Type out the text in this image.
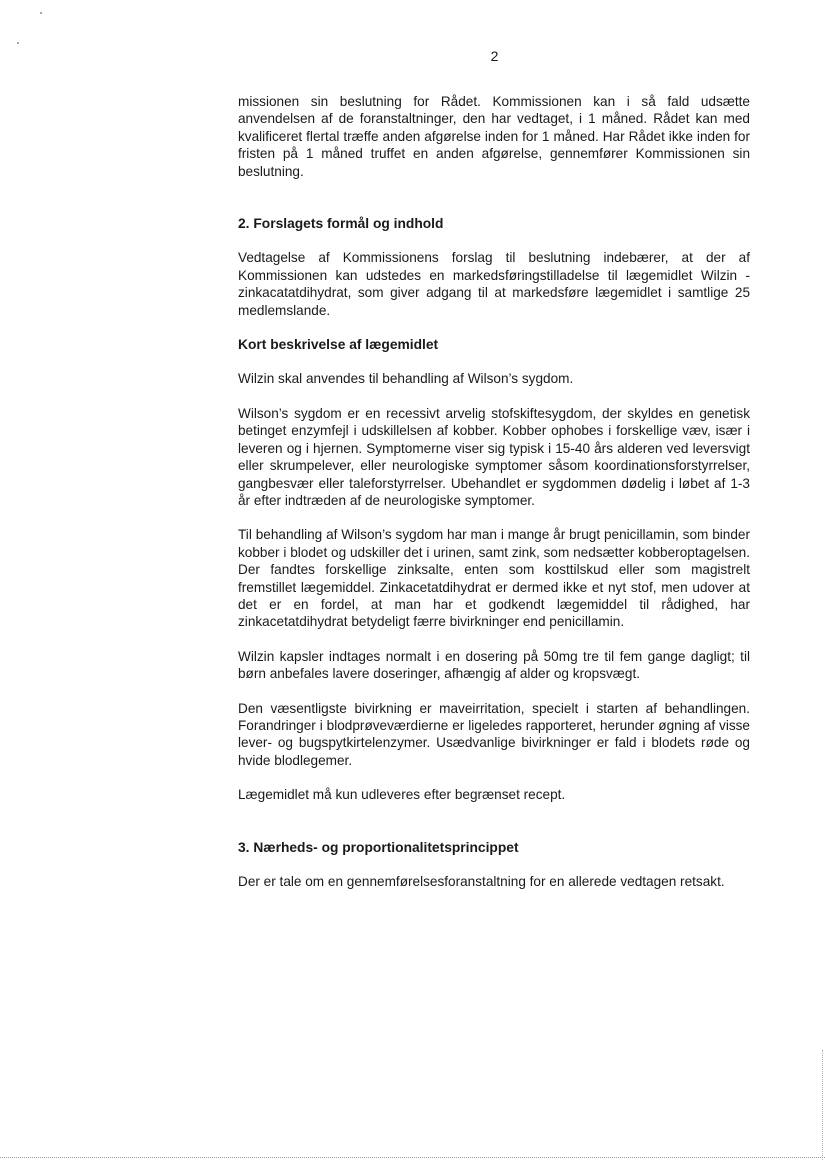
2

missionen sin beslutning for Rådet. Kommissionen kan i så fald udsætte anvendelsen af de foranstaltninger, den har vedtaget, i 1 måned. Rådet kan med kvalificeret flertal træffe anden afgørelse inden for 1 måned. Har Rådet ikke inden for fristen på 1 måned truffet en anden afgørelse, gennemfører Kommissionen sin beslutning.

2. Forslagets formål og indhold

Vedtagelse af Kommissionens forslag til beslutning indebærer, at der af Kommissionen kan udstedes en markedsføringstilladelse til lægemidlet Wilzin - zinkacatatdihydrat, som giver adgang til at markedsføre lægemidlet i samtlige 25 medlemslande.

Kort beskrivelse af lægemidlet

Wilzin skal anvendes til behandling af Wilson’s sygdom.

Wilson’s sygdom er en recessivt arvelig stofskiftesygdom, der skyldes en genetisk betinget enzymfejl i udskillelsen af kobber. Kobber ophobes i forskellige væv, især i leveren og i hjernen. Symptomerne viser sig typisk i 15-40 års alderen ved leversvigt eller skrumpelever, eller neurologiske symptomer såsom koordinationsforstyrrelser, gangbesvær eller taleforstyrrelser. Ubehandlet er sygdommen dødelig i løbet af 1-3 år efter indtræden af de neurologiske symptomer.

Til behandling af Wilson’s sygdom har man i mange år brugt penicillamin, som binder kobber i blodet og udskiller det i urinen, samt zink, som nedsætter kobberoptagelsen. Der fandtes forskellige zinksalte, enten som kosttilskud eller som magistrelt fremstillet lægemiddel. Zinkacetatdihydrat er dermed ikke et nyt stof, men udover at det er en fordel, at man har et godkendt lægemiddel til rådighed, har zinkacetatdihydrat betydeligt færre bivirkninger end penicillamin.

Wilzin kapsler indtages normalt i en dosering på 50mg tre til fem gange dagligt; til børn anbefales lavere doseringer, afhængig af alder og kropsvægt.

Den væsentligste bivirkning er maveirritation, specielt i starten af behandlingen. Forandringer i blodprøveværdierne er ligeledes rapporteret, herunder øgning af visse lever- og bugspytkirtelenzymer. Usædvanlige bivirkninger er fald i blodets røde og hvide blodlegemer.

Lægemidlet må kun udleveres efter begrænset recept.

3. Nærheds- og proportionalitetsprincippet

Der er tale om en gennemførelsesforanstaltning for en allerede vedtagen retsakt.
